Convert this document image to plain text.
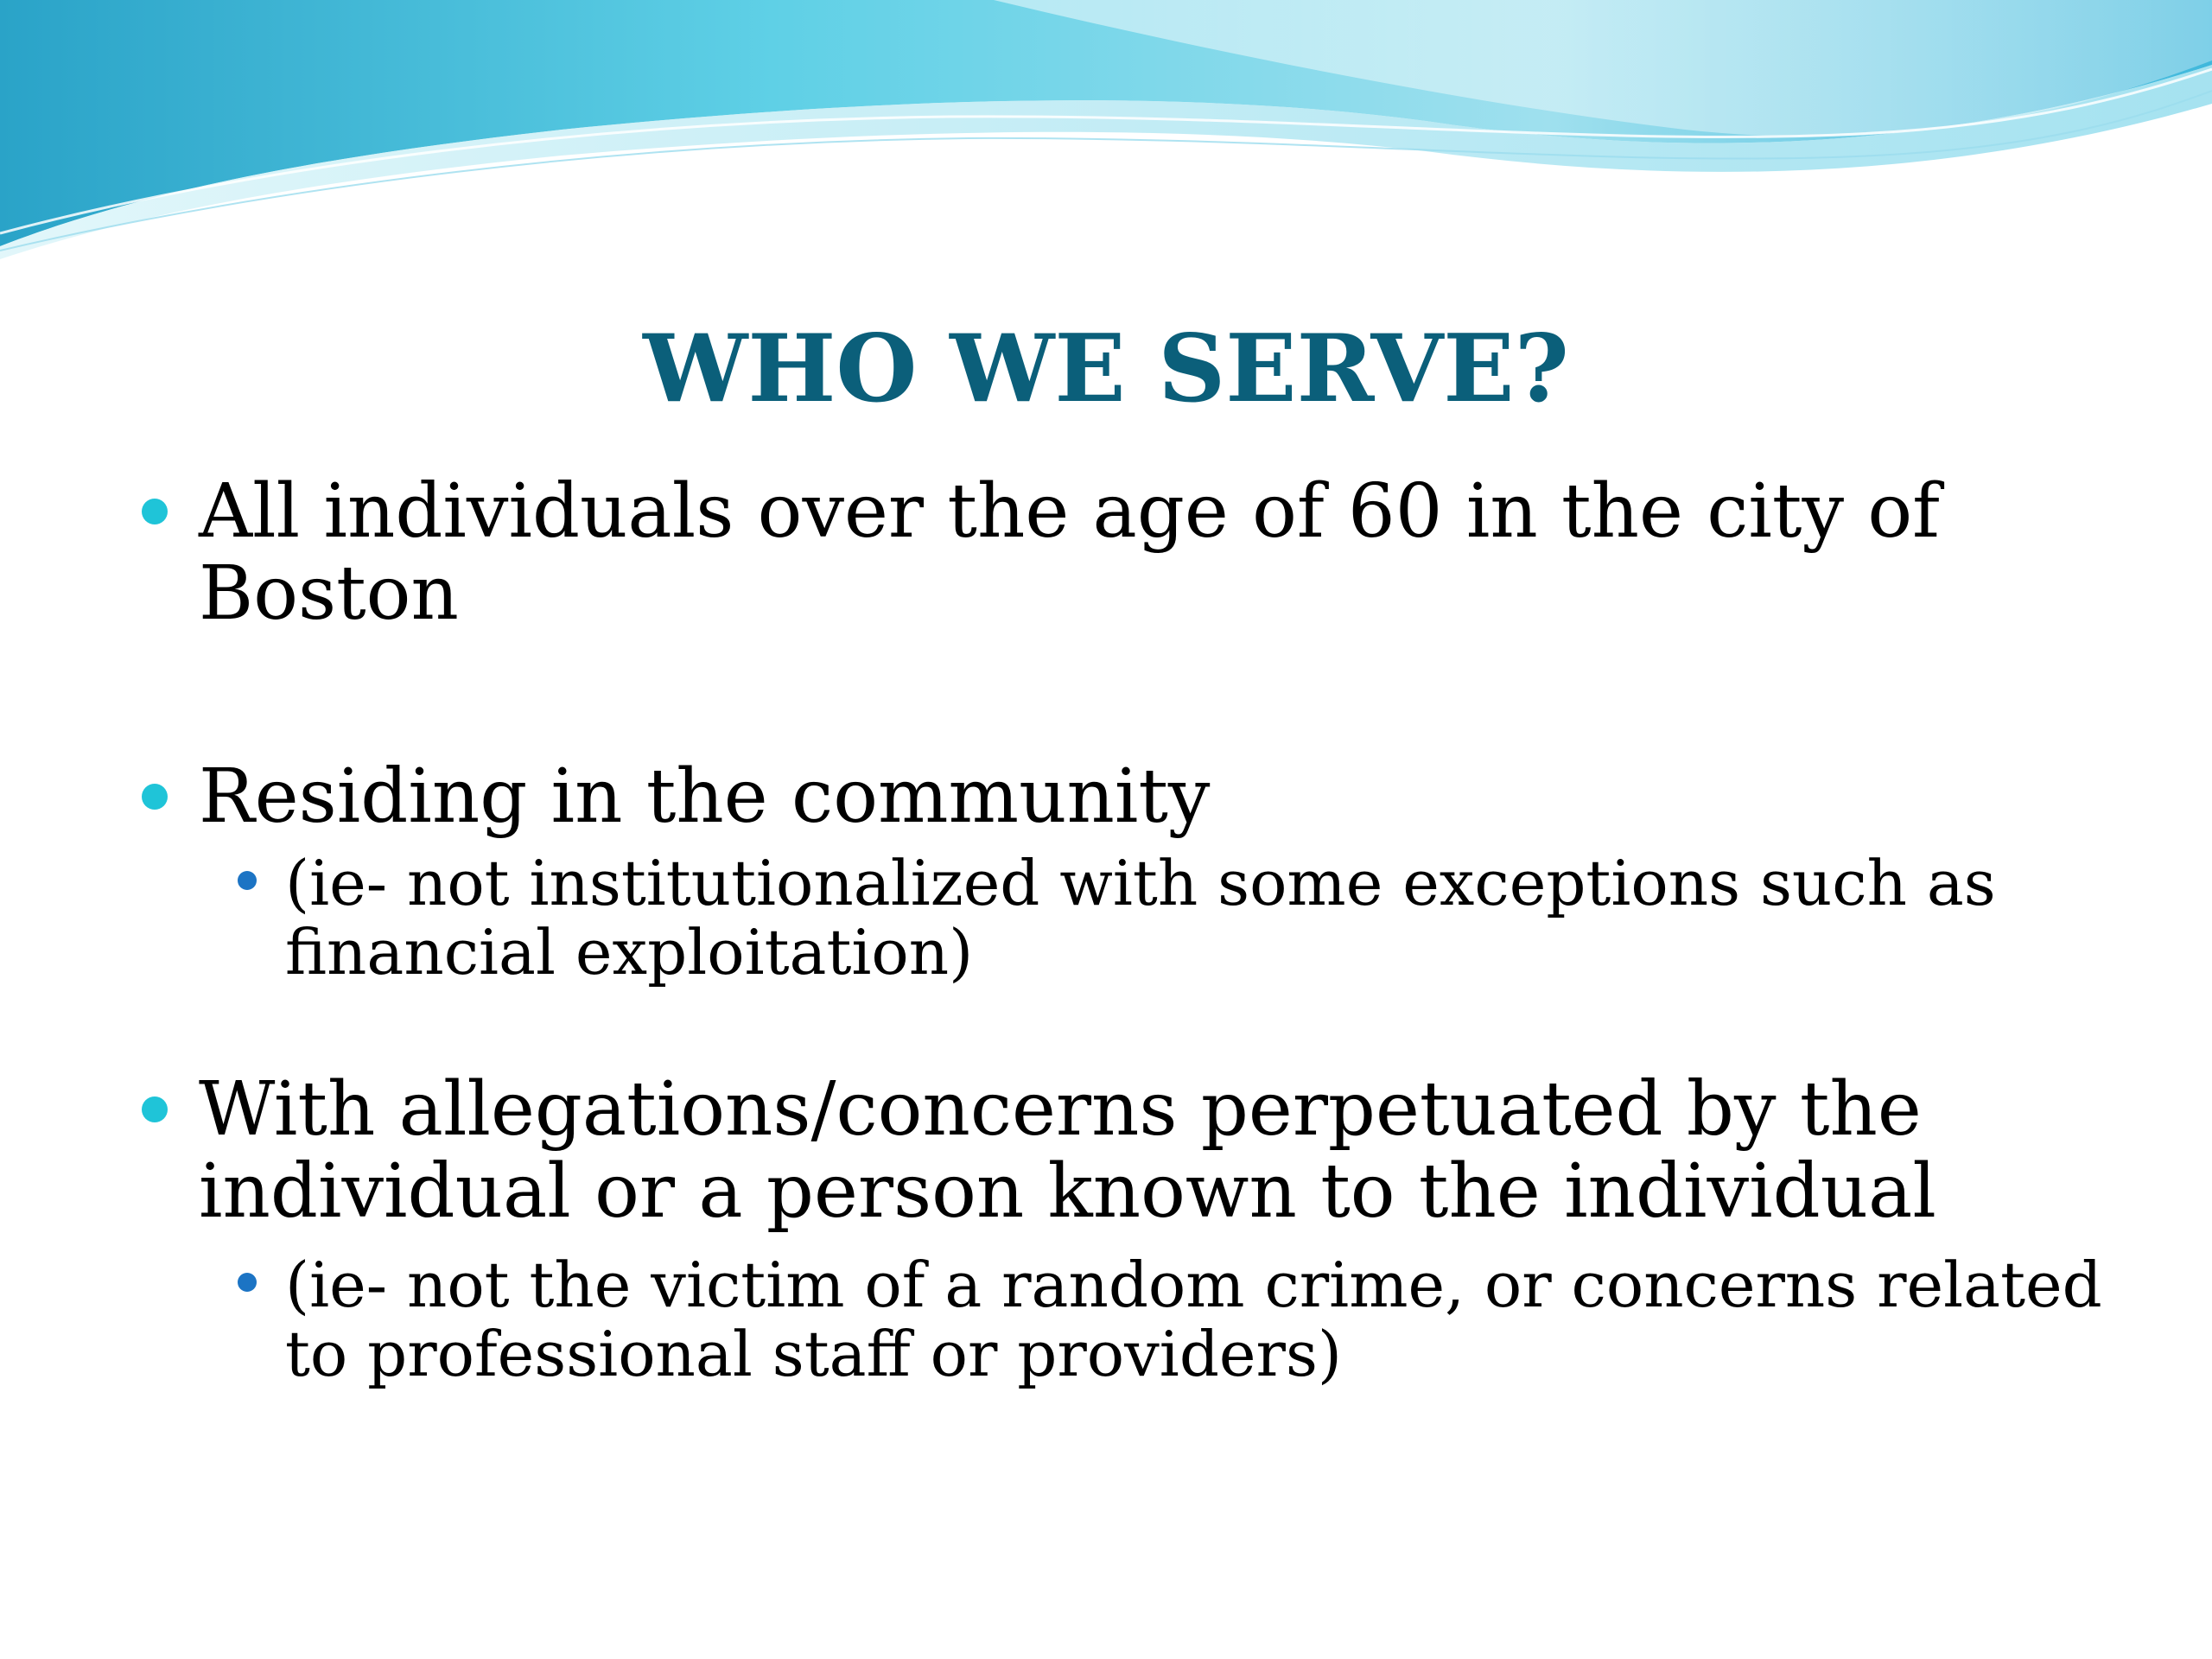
WHO WE SERVE?
All individuals over the age of 60 in the city of Boston
Residing in the community
(ie- not institutionalized with some exceptions such as financial exploitation)
With allegations/concerns perpetuated by the individual or a person known to the individual
(ie- not the victim of a random crime, or concerns related to professional staff or providers)
